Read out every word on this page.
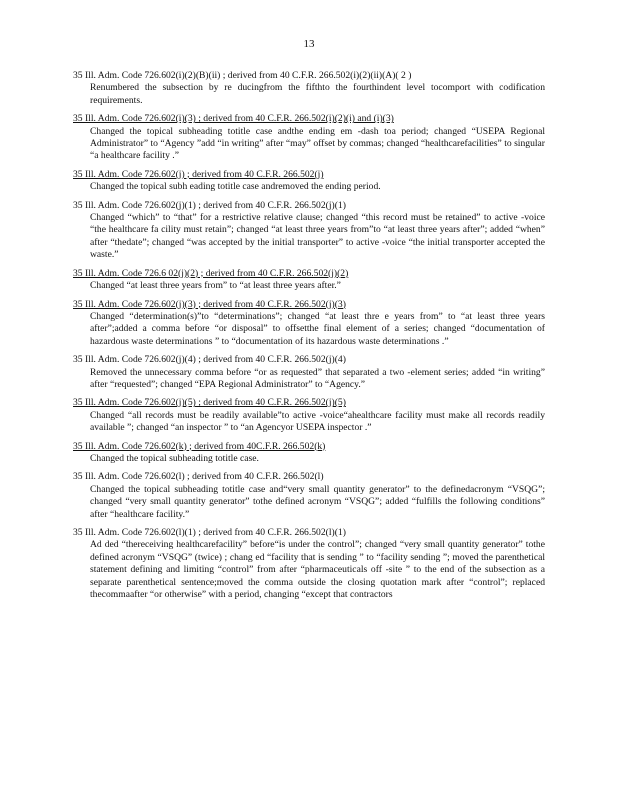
13
35 Ill. Adm. Code 726.602(i)(2)(B)(ii) ; derived from 40 C.F.R. 266.502(i)(2)(ii)(A)( 2 )
Renumbered the subsection by re ducingfrom the fifthto the fourthindent level tocomport with codification requirements.
35 Ill. Adm. Code 726.602(i)(3) ; derived from 40 C.F.R. 266.502(i)(2)(i) and (i)(3)
Changed the topical subheading totitle case andthe ending em -dash toa period; changed “USEPA Regional Administrator” to “Agency ”add “in writing” after “may” offset by commas; changed “healthcarefacilities” to singular “a healthcare facility .”
35 Ill. Adm. Code 726.602(j) ; derived from 40 C.F.R. 266.502(j)
Changed the topical subh eading totitle case andremoved the ending period.
35 Ill. Adm. Code 726.602(j)(1) ; derived from 40 C.F.R. 266.502(j)(1)
Changed “which” to “that” for a restrictive relative clause; changed “this record must be retained” to active -voice “the healthcare fa cility must retain”; changed “at least three years from”to “at least three years after”; added “when” after “thedate”; changed “was accepted by the initial transporter” to active -voice “the initial transporter accepted the waste.”
35 Ill. Adm. Code 726.6 02(j)(2) ; derived from 40 C.F.R. 266.502(j)(2)
Changed “at least three years from” to “at least three years after.”
35 Ill. Adm. Code 726.602(j)(3) ; derived from 40 C.F.R. 266.502(j)(3)
Changed “determination(s)”to “determinations”; changed “at least thre e years from” to “at least three years after”;added a comma before “or disposal” to offsetthe final element of a series; changed “documentation of hazardous waste determinations ” to “documentation of its hazardous waste determinations .”
35 Ill. Adm. Code 726.602(j)(4) ; derived from 40 C.F.R. 266.502(j)(4)
Removed the unnecessary comma before “or as requested” that separated a two -element series; added “in writing” after “requested”; changed “EPA Regional Administrator” to “Agency.”
35 Ill. Adm. Code 726.602(j)(5) ; derived from 40 C.F.R. 266.502(j)(5)
Changed “all records must be readily available”to active -voice“ahealthcare facility must make all records readily available ”; changed “an inspector ” to “an Agencyor USEPA inspector .”
35 Ill. Adm. Code 726.602(k) ; derived from 40C.F.R. 266.502(k)
Changed the topical subheading totitle case.
35 Ill. Adm. Code 726.602(l) ; derived from 40 C.F.R. 266.502(l)
Changed the topical subheading totitle case and“very small quantity generator” to the definedacronym “VSQG”; changed “very small quantity generator” tothe defined acronym “VSQG”; added “fulfills the following conditions” after “healthcare facility.”
35 Ill. Adm. Code 726.602(l)(1) ; derived from 40 C.F.R. 266.502(l)(1)
Ad ded “thereceiving healthcarefacility” before“is under the control”; changed “very small quantity generator” tothe defined acronym “VSQG” (twice) ; chang ed “facility that is sending ” to “facility sending ”; moved the parenthetical statement defining and limiting “control” from after “pharmaceuticals off -site ” to the end of the subsection as a separate parenthetical sentence;moved the comma outside the closing quotation mark after “control”; replaced thecommaafter “or otherwise” with a period, changing “except that contractors
